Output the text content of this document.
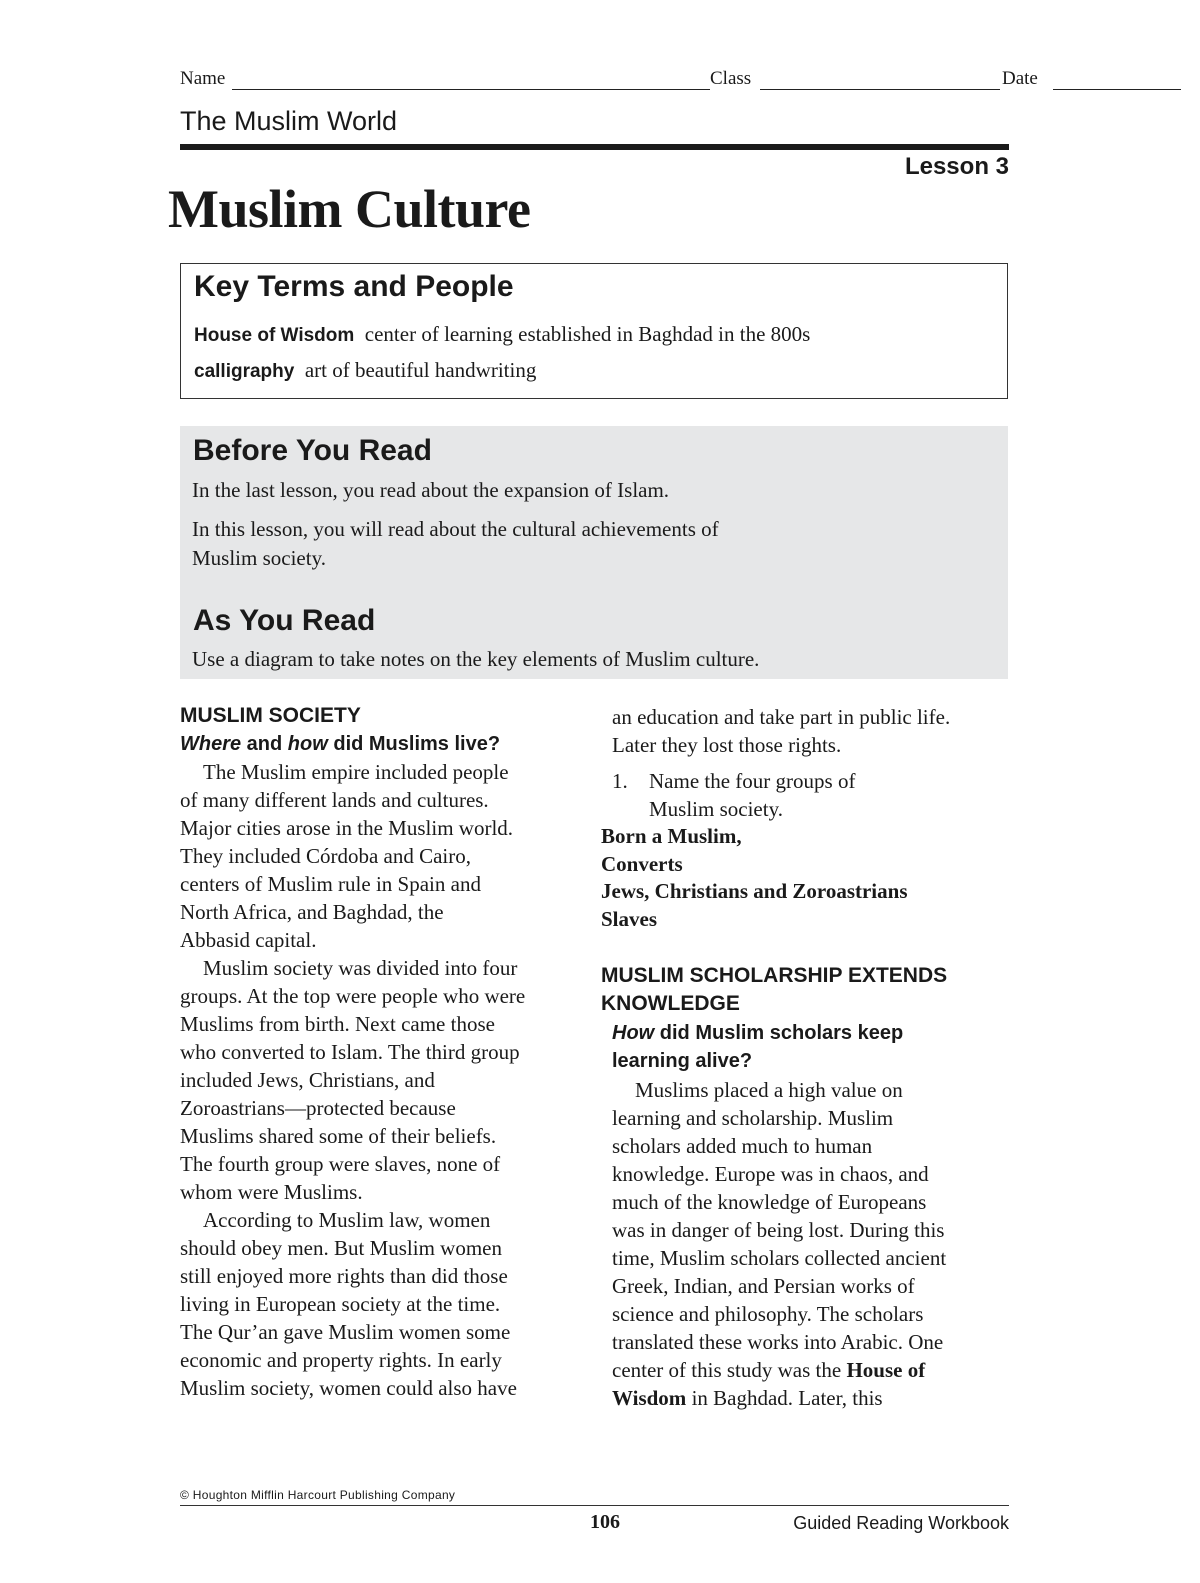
Name	Class	Date
The Muslim World
Lesson 3
Muslim Culture
Key Terms and People
House of Wisdom center of learning established in Baghdad in the 800s
calligraphy art of beautiful handwriting
Before You Read

In the last lesson, you read about the expansion of Islam.

In this lesson, you will read about the cultural achievements of
Muslim society.

As You Read

Use a diagram to take notes on the key elements of Muslim culture.

MUSLIM SOCIETY
Where and how did Muslims live?

The Muslim empire included people
of many different lands and cultures.
Major cities arose in the Muslim world.
They included Córdoba and Cairo,
centers of Muslim rule in Spain and
North Africa, and Baghdad, the
Abbasid capital.

Muslim society was divided into four
groups. At the top were people who were
Muslims from birth. Next came those
who converted to Islam. The third group
included Jews, Christians, and
Zoroastrians—protected because
Muslims shared some of their beliefs.
The fourth group were slaves, none of
whom were Muslims.

According to Muslim law, women
should obey men. But Muslim women
still enjoyed more rights than did those
living in European society at the time.
The Qur’an gave Muslim women some
economic and property rights. In early
Muslim society, women could also have

an education and take part in public life.
Later they lost those rights.
1.	Name the four groups of
Muslim society.
Born a Muslim,
Converts
Jews, Christians and Zoroastrians
Slaves
MUSLIM SCHOLARSHIP EXTENDS
KNOWLEDGE
How did Muslim scholars keep
learning alive?
Muslims placed a high value on
learning and scholarship. Muslim
scholars added much to human
knowledge. Europe was in chaos, and
much of the knowledge of Europeans
was in danger of being lost. During this
time, Muslim scholars collected ancient
Greek, Indian, and Persian works of
science and philosophy. The scholars
translated these works into Arabic. One
center of this study was the House of
Wisdom in Baghdad. Later, this
© Houghton Mifflin Harcourt Publishing Company
106	Guided Reading Workbook
